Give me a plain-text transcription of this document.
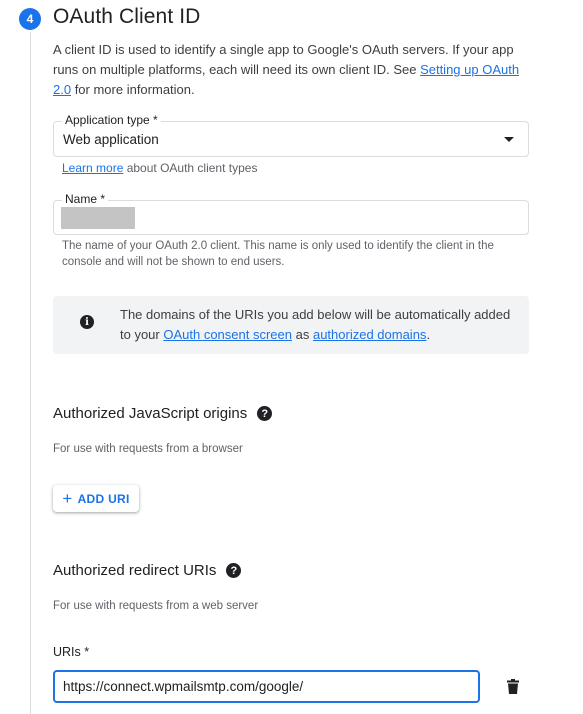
4 OAuth Client ID

A client ID is used to identify a single app to Google's OAuth servers. If your app runs on multiple platforms, each will need its own client ID. See Setting up OAuth 2.0 for more information.

Application type *
Web application
Learn more about OAuth client types
Name *

The name of your OAuth 2.0 client. This name is only used to identify the client in the console and will not be shown to end users.

i	The domains of the URIs you add below will be automatically added to your OAuth consent screen as authorized domains.

Authorized JavaScript origins	?
For use with requests from a browser
+ ADD URI
Authorized redirect URIs	?
For use with requests from a web server
URIs *
https://connect.wpmailsmtp.com/google/
